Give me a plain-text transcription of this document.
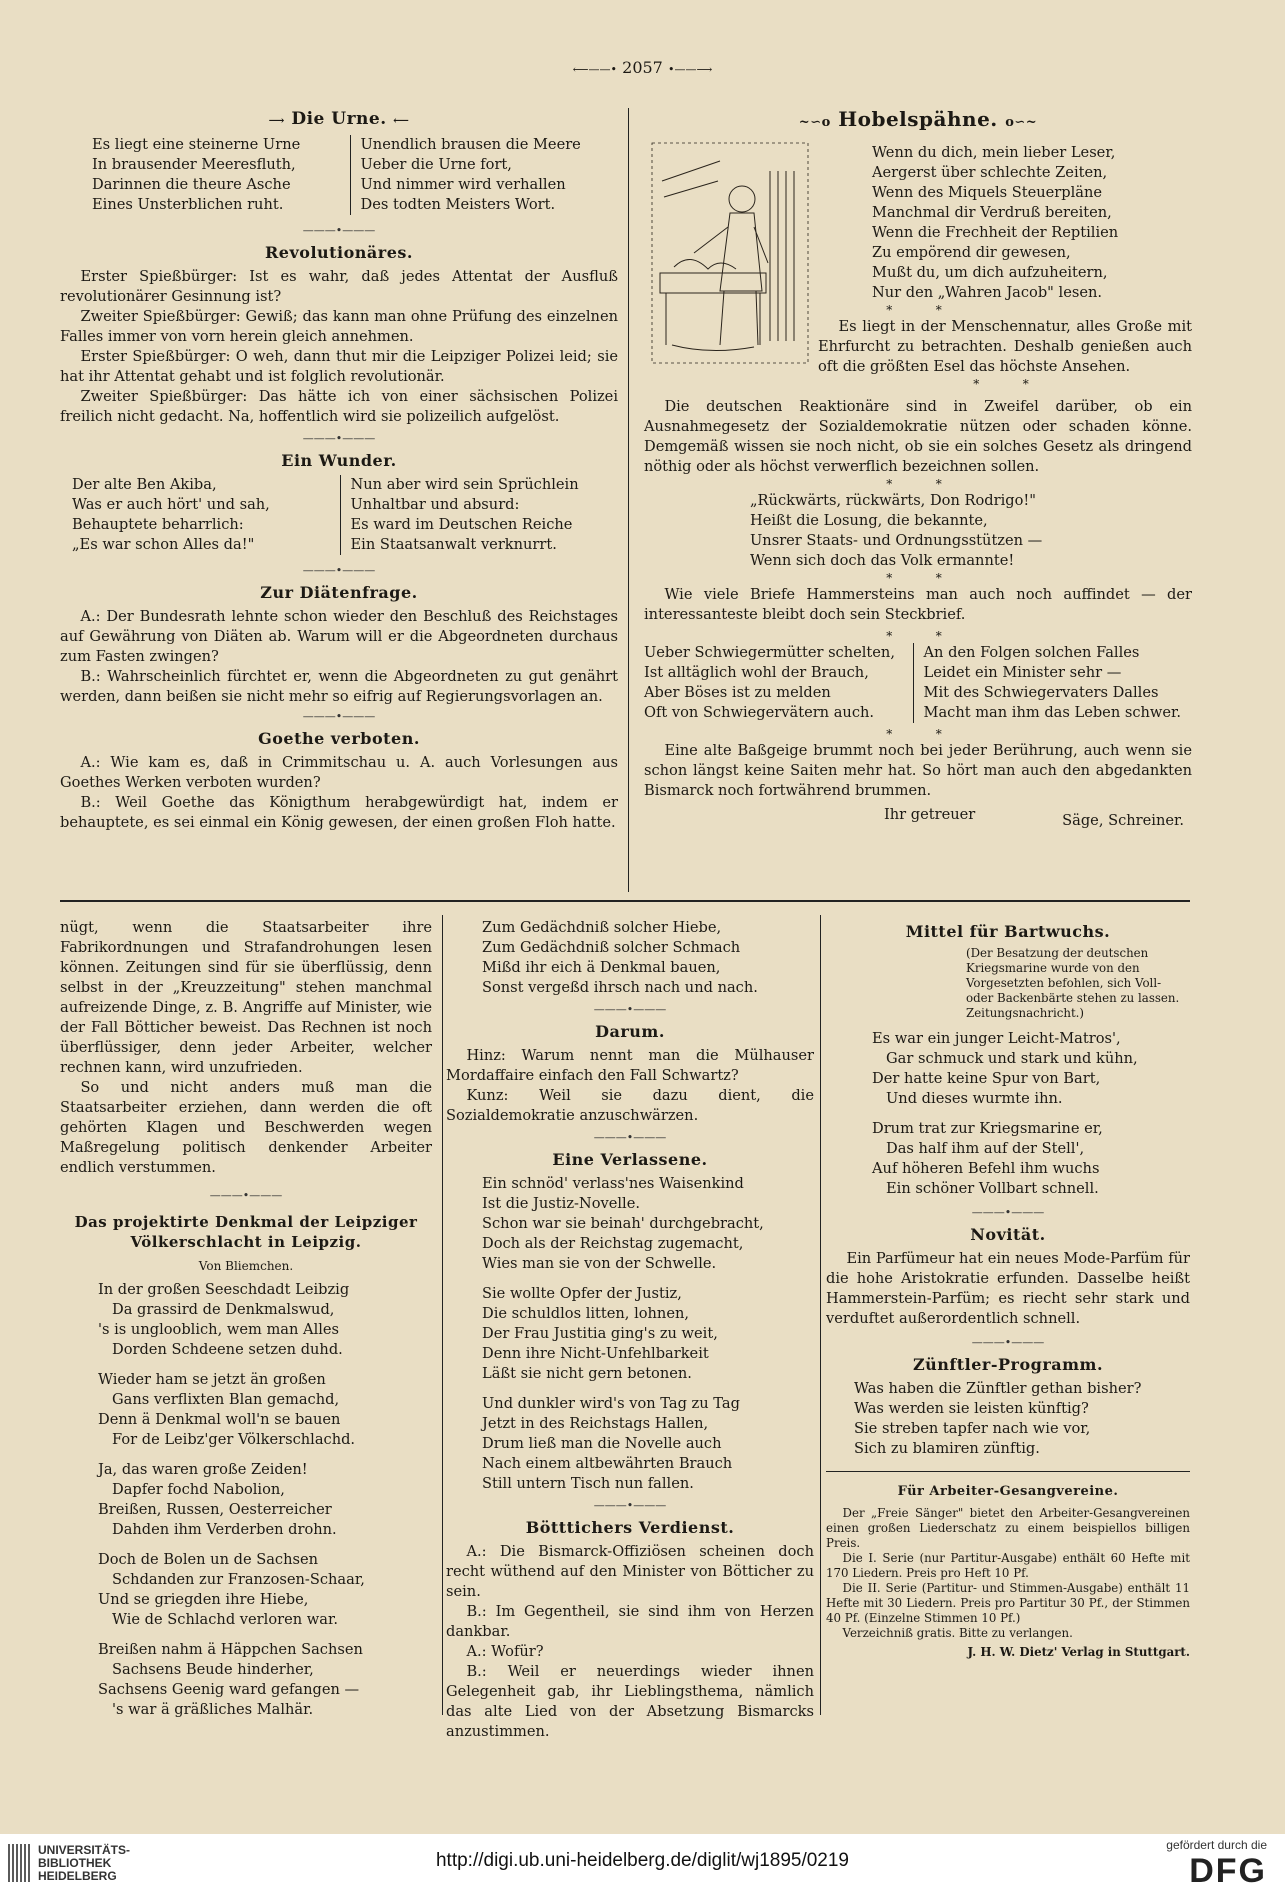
⟵——• 2057 •——⟶
⟶ Die Urne. ⟵
Es liegt eine steinerne Urne
In brausender Meeresfluth,
Darinnen die theure Asche
Eines Unsterblichen ruht.
Unendlich brausen die Meere
Ueber die Urne fort,
Und nimmer wird verhallen
Des todten Meisters Wort.
———•———
Revolutionäres.

Erster Spießbürger: Ist es wahr, daß jedes Attentat der Ausfluß revolutionärer Gesinnung ist?

Zweiter Spießbürger: Gewiß; das kann man ohne Prüfung des einzelnen Falles immer von vorn herein gleich annehmen.

Erster Spießbürger: O weh, dann thut mir die Leipziger Polizei leid; sie hat ihr Attentat gehabt und ist folglich revolutionär.

Zweiter Spießbürger: Das hätte ich von einer sächsischen Polizei freilich nicht gedacht. Na, hoffentlich wird sie polizeilich aufgelöst.

———•———
Ein Wunder.
Der alte Ben Akiba,
Was er auch hört' und sah,
Behauptete beharrlich:
„Es war schon Alles da!"
Nun aber wird sein Sprüchlein
Unhaltbar und absurd:
Es ward im Deutschen Reiche
Ein Staatsanwalt verknurrt.
———•———
Zur Diätenfrage.

A.: Der Bundesrath lehnte schon wieder den Beschluß des Reichstages auf Gewährung von Diäten ab. Warum will er die Abgeordneten durchaus zum Fasten zwingen?

B.: Wahrscheinlich fürchtet er, wenn die Abgeordneten zu gut genährt werden, dann beißen sie nicht mehr so eifrig auf Regierungsvorlagen an.

———•———
Goethe verboten.

A.: Wie kam es, daß in Crimmitschau u. A. auch Vorlesungen aus Goethes Werken verboten wurden?

B.: Weil Goethe das Königthum herabgewürdigt hat, indem er behauptete, es sei einmal ein König gewesen, der einen großen Floh hatte.

~∽o Hobelspähne. o∽~
Wenn du dich, mein lieber Leser,
Aergerst über schlechte Zeiten,
Wenn des Miquels Steuerpläne
Manchmal dir Verdruß bereiten,
Wenn die Frechheit der Reptilien
Zu empörend dir gewesen,
Mußt du, um dich aufzuheitern,
Nur den „Wahren Jacob" lesen.
*   *

Es liegt in der Menschennatur, alles Große mit Ehrfurcht zu betrachten. Deshalb genießen auch oft die größten Esel das höchste Ansehen.

*   *

Die deutschen Reaktionäre sind in Zweifel darüber, ob ein Ausnahmegesetz der Sozialdemokratie nützen oder schaden könne. Demgemäß wissen sie noch nicht, ob sie ein solches Gesetz als dringend nöthig oder als höchst verwerflich bezeichnen sollen.

*   *
„Rückwärts, rückwärts, Don Rodrigo!"
Heißt die Losung, die bekannte,
Unsrer Staats- und Ordnungsstützen —
Wenn sich doch das Volk ermannte!
*   *

Wie viele Briefe Hammersteins man auch noch auffindet — der interessanteste bleibt doch sein Steckbrief.

*   *
Ueber Schwiegermütter schelten,
Ist alltäglich wohl der Brauch,
Aber Böses ist zu melden
Oft von Schwiegervätern auch.
An den Folgen solchen Falles
Leidet ein Minister sehr —
Mit des Schwiegervaters Dalles
Macht man ihm das Leben schwer.
*   *

Eine alte Baßgeige brummt noch bei jeder Berührung, auch wenn sie schon längst keine Saiten mehr hat. So hört man auch den abgedankten Bismarck noch fortwährend brummen.

Ihr getreuer	Säge, Schreiner.

nügt, wenn die Staatsarbeiter ihre Fabrikordnungen und Strafandrohungen lesen können. Zeitungen sind für sie überflüssig, denn selbst in der „Kreuzzeitung" stehen manchmal aufreizende Dinge, z. B. Angriffe auf Minister, wie der Fall Bötticher beweist. Das Rechnen ist noch überflüssiger, denn jeder Arbeiter, welcher rechnen kann, wird unzufrieden.

So und nicht anders muß man die Staatsarbeiter erziehen, dann werden die oft gehörten Klagen und Beschwerden wegen Maßregelung politisch denkender Arbeiter endlich verstummen.

———•———
Das projektirte Denkmal der Leipziger Völkerschlacht in Leipzig.
Von Bliemchen.
In der großen Seeschdadt Leibzig
Da grassird de Denkmalswud,
's is unglooblich, wem man Alles
Dorden Schdeene setzen duhd.
Wieder ham se jetzt än großen
Gans verflixten Blan gemachd,
Denn ä Denkmal woll'n se bauen
For de Leibz'ger Völkerschlachd.
Ja, das waren große Zeiden!
Dapfer fochd Nabolion,
Breißen, Russen, Oesterreicher
Dahden ihm Verderben drohn.
Doch de Bolen un de Sachsen
Schdanden zur Franzosen-Schaar,
Und se griegden ihre Hiebe,
Wie de Schlachd verloren war.
Breißen nahm ä Häppchen Sachsen
Sachsens Beude hinderher,
Sachsens Geenig ward gefangen —
's war ä gräßliches Malhär.
Zum Gedächdniß solcher Hiebe,
Zum Gedächdniß solcher Schmach
Mißd ihr eich ä Denkmal bauen,
Sonst vergeßd ihrsch nach und nach.
———•———
Darum.

Hinz: Warum nennt man die Mülhauser Mordaffaire einfach den Fall Schwartz?

Kunz: Weil sie dazu dient, die Sozialdemokratie anzuschwärzen.

———•———
Eine Verlassene.
Ein schnöd' verlass'nes Waisenkind
Ist die Justiz-Novelle.
Schon war sie beinah' durchgebracht,
Doch als der Reichstag zugemacht,
Wies man sie von der Schwelle.
Sie wollte Opfer der Justiz,
Die schuldlos litten, lohnen,
Der Frau Justitia ging's zu weit,
Denn ihre Nicht-Unfehlbarkeit
Läßt sie nicht gern betonen.
Und dunkler wird's von Tag zu Tag
Jetzt in des Reichstags Hallen,
Drum ließ man die Novelle auch
Nach einem altbewährten Brauch
Still untern Tisch nun fallen.
———•———
Bötttichers Verdienst.

A.: Die Bismarck-Offiziösen scheinen doch recht wüthend auf den Minister von Bötticher zu sein.

B.: Im Gegentheil, sie sind ihm von Herzen dankbar.

A.: Wofür?

B.: Weil er neuerdings wieder ihnen Gelegenheit gab, ihr Lieblingsthema, nämlich das alte Lied von der Absetzung Bismarcks anzustimmen.

Mittel für Bartwuchs.
(Der Besatzung der deutschen Kriegsmarine wurde von den Vorgesetzten befohlen, sich Voll- oder Backenbärte stehen zu lassen. Zeitungsnachricht.)
Es war ein junger Leicht-Matros',
Gar schmuck und stark und kühn,
Der hatte keine Spur von Bart,
Und dieses wurmte ihn.
Drum trat zur Kriegsmarine er,
Das half ihm auf der Stell',
Auf höheren Befehl ihm wuchs
Ein schöner Vollbart schnell.
———•———
Novität.

Ein Parfümeur hat ein neues Mode-Parfüm für die hohe Aristokratie erfunden. Dasselbe heißt Hammerstein-Parfüm; es riecht sehr stark und verduftet außerordentlich schnell.

———•———
Zünftler-Programm.
Was haben die Zünftler gethan bisher?
Was werden sie leisten künftig?
Sie streben tapfer nach wie vor,
Sich zu blamiren zünftig.
Für Arbeiter-Gesangvereine.

Der „Freie Sänger" bietet den Arbeiter-Gesangvereinen einen großen Liederschatz zu einem beispiellos billigen Preis.

Die I. Serie (nur Partitur-Ausgabe) enthält 60 Hefte mit 170 Liedern. Preis pro Heft 10 Pf.

Die II. Serie (Partitur- und Stimmen-Ausgabe) enthält 11 Hefte mit 30 Liedern. Preis pro Partitur 30 Pf., der Stimmen 40 Pf. (Einzelne Stimmen 10 Pf.)

Verzeichniß gratis. Bitte zu verlangen.

J. H. W. Dietz' Verlag in Stuttgart.
UNIVERSITÄTS-
BIBLIOTHEK
HEIDELBERG
http://digi.ub.uni-heidelberg.de/diglit/wj1895/0219
gefördert durch die
DFG
